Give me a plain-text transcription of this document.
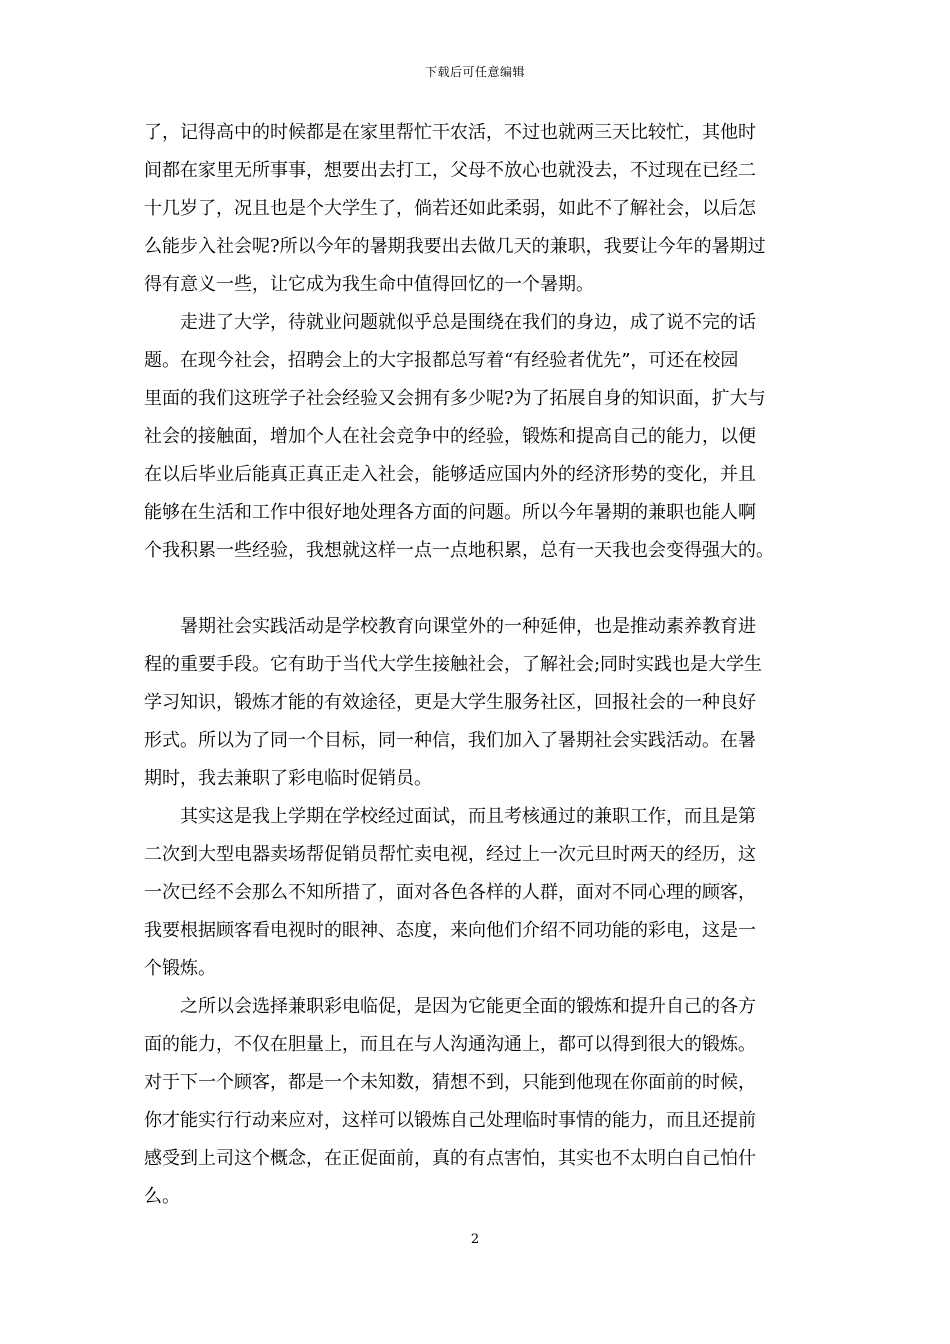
下载后可任意编辑

了，记得高中的时候都是在家里帮忙干农活，不过也就两三天比较忙，其他时
间都在家里无所事事，想要出去打工，父母不放心也就没去，不过现在已经二
十几岁了，况且也是个大学生了，倘若还如此柔弱，如此不了解社会，以后怎
么能步入社会呢?所以今年的暑期我要出去做几天的兼职，我要让今年的暑期过
得有意义一些，让它成为我生命中值得回忆的一个暑期。

　　走进了大学，待就业问题就似乎总是围绕在我们的身边，成了说不完的话
题。在现今社会，招聘会上的大字报都总写着“有经验者优先”，可还在校园
里面的我们这班学子社会经验又会拥有多少呢?为了拓展自身的知识面，扩大与
社会的接触面，增加个人在社会竞争中的经验，锻炼和提高自己的能力，以便
在以后毕业后能真正真正走入社会，能够适应国内外的经济形势的变化，并且
能够在生活和工作中很好地处理各方面的问题。所以今年暑期的兼职也能人啊
个我积累一些经验，我想就这样一点一点地积累，总有一天我也会变得强大的。

　　暑期社会实践活动是学校教育向课堂外的一种延伸，也是推动素养教育进
程的重要手段。它有助于当代大学生接触社会，了解社会;同时实践也是大学生
学习知识，锻炼才能的有效途径，更是大学生服务社区，回报社会的一种良好
形式。所以为了同一个目标，同一种信，我们加入了暑期社会实践活动。在暑
期时，我去兼职了彩电临时促销员。

　　其实这是我上学期在学校经过面试，而且考核通过的兼职工作，而且是第
二次到大型电器卖场帮促销员帮忙卖电视，经过上一次元旦时两天的经历，这
一次已经不会那么不知所措了，面对各色各样的人群，面对不同心理的顾客，
我要根据顾客看电视时的眼神、态度，来向他们介绍不同功能的彩电，这是一
个锻炼。

　　之所以会选择兼职彩电临促，是因为它能更全面的锻炼和提升自己的各方
面的能力，不仅在胆量上，而且在与人沟通沟通上，都可以得到很大的锻炼。
对于下一个顾客，都是一个未知数，猜想不到，只能到他现在你面前的时候，
你才能实行行动来应对，这样可以锻炼自己处理临时事情的能力，而且还提前
感受到上司这个概念，在正促面前，真的有点害怕，其实也不太明白自己怕什
么。

2
